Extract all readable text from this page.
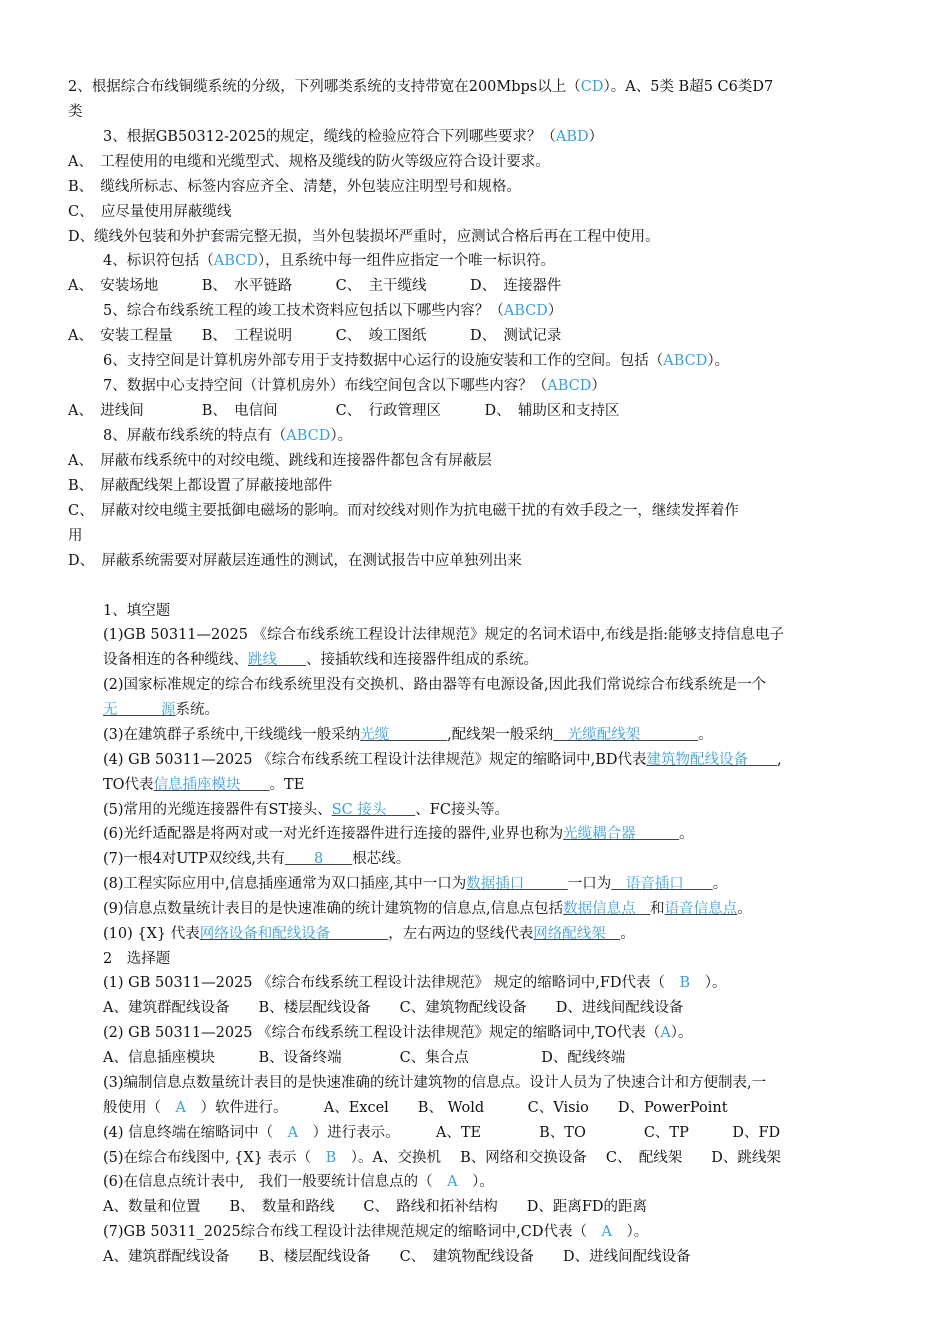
2、根据综合布线铜缆系统的分级，下列哪类系统的支持带宽在200Mbps以上（CD）。A、5类 B超5 C6类D7
类
3、根据GB50312-2025的规定，缆线的检验应符合下列哪些要求？（ABD）
A、　工程使用的电缆和光缆型式、规格及缆线的防火等级应符合设计要求。
B、　缆线所标志、标签内容应齐全、清楚，外包装应注明型号和规格。
C、　应尽量使用屏蔽缆线
D、缆线外包装和外护套需完整无损，当外包装损坏严重时，应测试合格后再在工程中使用。
4、标识符包括（ABCD），且系统中每一组件应指定一个唯一标识符。
A、　安装场地　　　B、　水平链路　　　C、　主干缆线　　　D、　连接器件
5、综合布线系统工程的竣工技术资料应包括以下哪些内容？（ABCD）
A、　安装工程量　　B、　工程说明　　　C、　竣工图纸　　　D、　测试记录
6、支持空间是计算机房外部专用于支持数据中心运行的设施安装和工作的空间。包括（ABCD）。
7、数据中心支持空间（计算机房外）布线空间包含以下哪些内容？（ABCD）
A、　进线间　　　　B、　电信间　　　　C、　行政管理区　　　D、　辅助区和支持区
8、屏蔽布线系统的特点有（ABCD）。
A、　屏蔽布线系统中的对绞电缆、跳线和连接器件都包含有屏蔽层
B、　屏蔽配线架上都设置了屏蔽接地部件
C、　屏蔽对绞电缆主要抵御电磁场的影响。而对绞线对则作为抗电磁干扰的有效手段之一，继续发挥着作
用
D、　屏蔽系统需要对屏蔽层连通性的测试，在测试报告中应单独列出来
1、填空题
(1)GB 50311—2025 《综合布线系统工程设计法律规范》规定的名词术语中,布线是指:能够支持信息电子
设备相连的各种缆线、跳线　　 、接插软线和连接器件组成的系统。
(2)国家标准规定的综合布线系统里没有交换机、路由器等有电源设备,因此我们常说综合布线系统是一个
无　　　	源系统。
(3)在建筑群子系统中,干线缆线一般采纳光缆　　　　	,配线架一般采纳　 光缆配线架　　　　	。
(4) GB 50311—2025 《综合布线系统工程设计法律规范》规定的缩略词中,BD代表建筑物配线设备　　 ,
TO代表信息插座模块　　 。TE
(5)常用的光缆连接器件有ST接头、SC 接头　　 、FC接头等。
(6)光纤适配器是将两对或一对光纤连接器件进行连接的器件,业界也称为光缆耦合器　　　	。
(7)一根4对UTP双绞线,共有　　 8　　 根芯线。
(8)工程实际应用中,信息插座通常为双口插座,其中一口为数据插口　　　	一口为　 语音插口　　 。
(9)信息点数量统计表目的是快速准确的统计建筑物的信息点,信息点包括数据信息点　 和语音信息点。
(10) {X} 代表网络设备和配线设备　　　　	，左右两边的竖线代表网络配线架　 。
2　选择题
(1) GB 50311—2025 《综合布线系统工程设计法律规范》 规定的缩略词中,FD代表（　 B　 ）。
A、建筑群配线设备　　B、楼层配线设备　　C、建筑物配线设备　　D、进线间配线设备
(2) GB 50311—2025 《综合布线系统工程设计法律规范》规定的缩略词中,TO代表（A）。
A、信息插座模块　　　B、设备终端　　　　C、集合点　　　　　D、配线终端
(3)编制信息点数量统计表目的是快速准确的统计建筑物的信息点。设计人员为了快速合计和方便制表,一
般使用（　 A　 ）软件进行。　　　A、Excel　　B、 Wold　　　C、Visio　　D、PowerPoint
(4) 信息终端在缩略词中（　 A　 ）进行表示。　　　A、TE　　　　B、TO　　　　C、TP　　　D、FD
(5)在综合布线图中, {X} 表示（　 B　 ）。A、交换机　 B、网络和交换设备　 C、　配线架　　D、跳线架
(6)在信息点统计表中,　我们一般要统计信息点的（　 A　 ）。
A、数量和位置　　B、　数量和路线　　C、　路线和拓补结构　　D、距离FD的距离
(7)GB 50311_2025综合布线工程设计法律规范规定的缩略词中,CD代表（　 A　 ）。
A、建筑群配线设备　　B、楼层配线设备　　C、　建筑物配线设备　　D、进线间配线设备
